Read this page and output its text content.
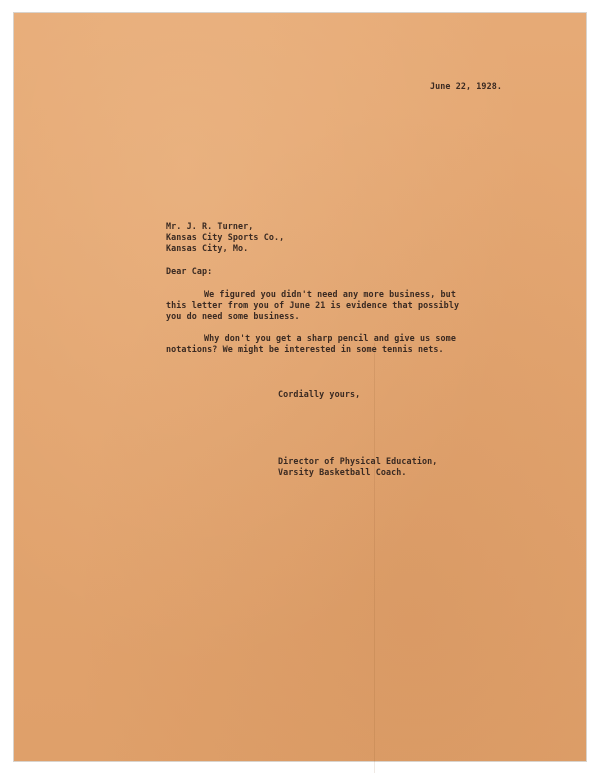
June 22, 1928.
Mr. J. R. Turner,
Kansas City Sports Co.,
Kansas City, Mo.
Dear Cap:
We figured you didn't need any more business, but
this letter from you of June 21 is evidence that possibly
you do need some business.
Why don't you get a sharp pencil and give us some
notations? We might be interested in some tennis nets.
Cordially yours,
Director of Physical Education,
Varsity Basketball Coach.
